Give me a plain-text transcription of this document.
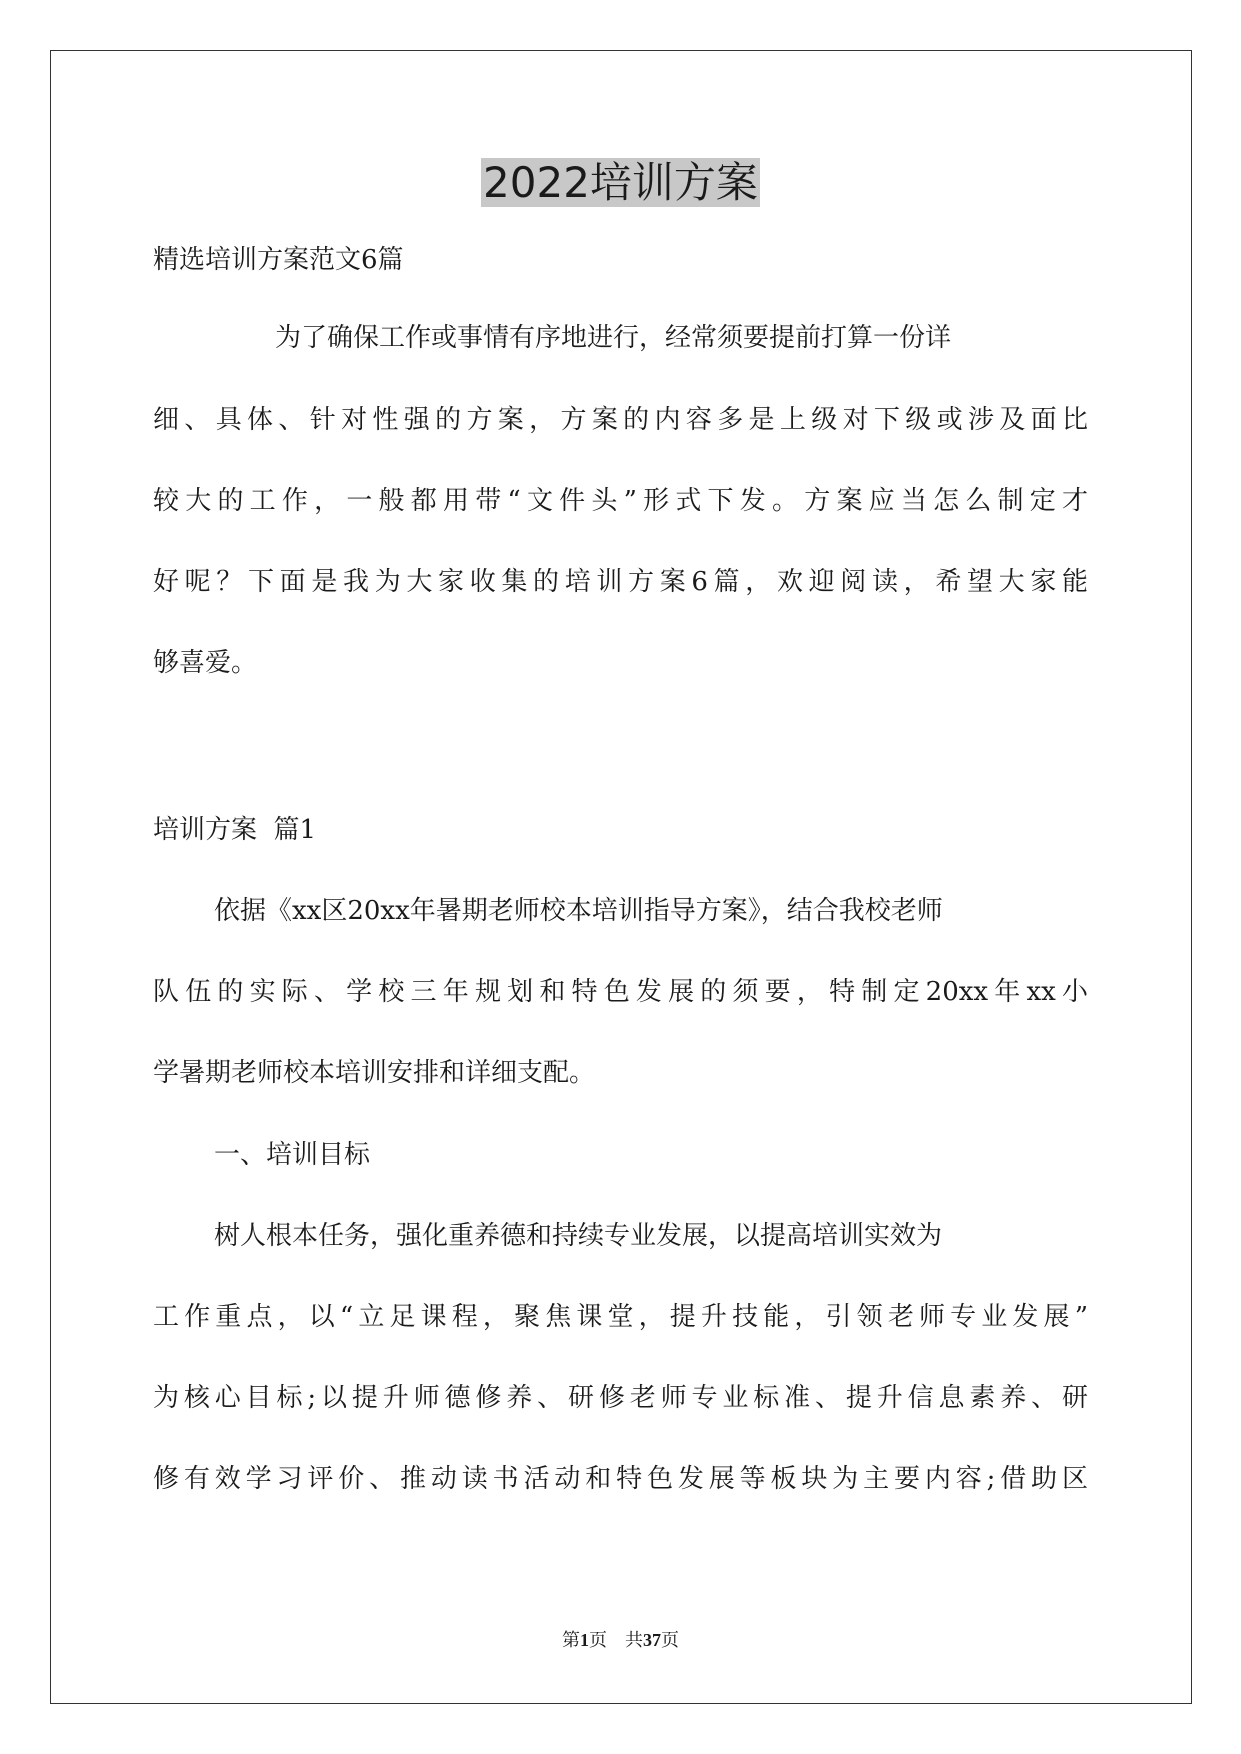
2022培训方案

精选培训方案范文6篇

为了确保工作或事情有序地进行，经常须要提前打算一份详

细、具体、针对性强的方案，方案的内容多是上级对下级或涉及面比

较大的工作，一般都用带“文件头”形式下发。方案应当怎么制定才

好呢？下面是我为大家收集的培训方案6篇，欢迎阅读，希望大家能

够喜爱。

培训方案  篇1

依据《xx区20xx年暑期老师校本培训指导方案》，结合我校老师

队伍的实际、学校三年规划和特色发展的须要，特制定20xx年xx小

学暑期老师校本培训安排和详细支配。

一、培训目标

树人根本任务，强化重养德和持续专业发展，以提高培训实效为

工作重点，以“立足课程，聚焦课堂，提升技能，引领老师专业发展”

为核心目标;以提升师德修养、研修老师专业标准、提升信息素养、研

修有效学习评价、推动读书活动和特色发展等板块为主要内容;借助区

第1页 共37页
